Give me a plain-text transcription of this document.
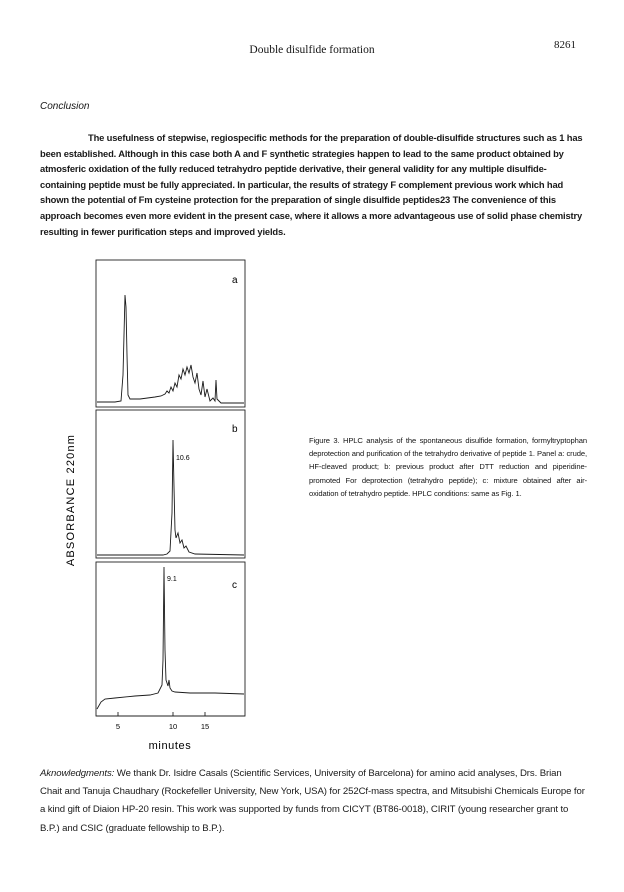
Double disulfide formation	8261
Conclusion
The usefulness of stepwise, regiospecific methods for the preparation of double-disulfide structures such as 1 has been established. Although in this case both A and F synthetic strategies happen to lead to the same product obtained by atmosferic oxidation of the fully reduced tetrahydro peptide derivative, their general validity for any multiple disulfide-containing peptide must be fully appreciated. In particular, the results of strategy F complement previous work which had shown the potential of Fm cysteine protection for the preparation of single disulfide peptides23 The convenience of this approach becomes even more evident in the present case, where it allows a more advantageous use of solid phase chemistry resulting in fewer purification steps and improved yields.
ABSORBANCE 220nm
a
b
c
10.6
9.1
5	10	15
minutes
Figure 3. HPLC analysis of the spontaneous disulfide formation, formyltryptophan deprotection and purification of the tetrahydro derivative of peptide 1. Panel a: crude, HF-cleaved product; b: previous product after DTT reduction and piperidine-promoted For deprotection (tetrahydro peptide); c: mixture obtained after air-oxidation of tetrahydro peptide. HPLC conditions: same as Fig. 1.
Aknowledgments: We thank Dr. Isidre Casals (Scientific Services, University of Barcelona) for amino acid analyses, Drs. Brian Chait and Tanuja Chaudhary (Rockefeller University, New York, USA) for 252Cf-mass spectra, and Mitsubishi Chemicals Europe for a kind gift of Diaion HP-20 resin. This work was supported by funds from CICYT (BT86-0018), CIRIT (young researcher grant to B.P.) and CSIC (graduate fellowship to B.P.).
